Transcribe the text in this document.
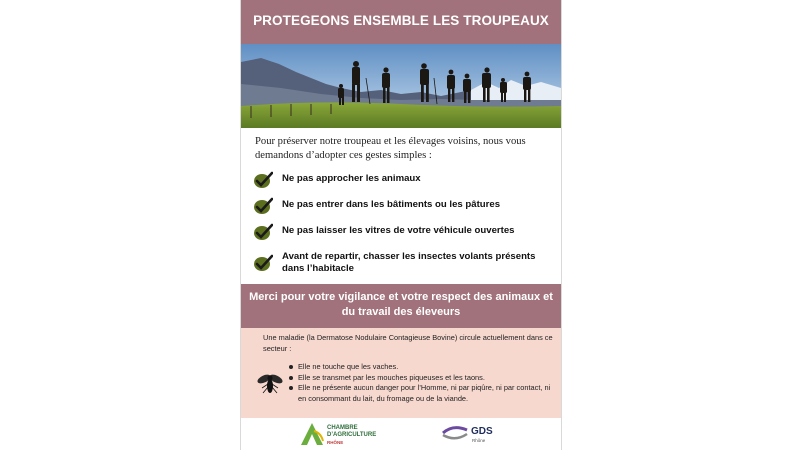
PROTEGEONS ENSEMBLE LES TROUPEAUX
Pour préserver notre troupeau et les élevages voisins, nous vous demandons d’adopter ces gestes simples :
Ne pas approcher les animaux
Ne pas entrer dans les bâtiments ou les pâtures
Ne pas laisser les vitres de votre véhicule ouvertes
Avant de repartir, chasser les insectes volants présents dans l’habitacle
Merci pour votre vigilance et votre respect des animaux et du travail des éleveurs
Une maladie (la Dermatose Nodulaire Contagieuse Bovine) circule actuellement dans ce secteur :
Elle ne touche que les vaches.
Elle se transmet par les mouches piqueuses et les taons.
Elle ne présente aucun danger pour l’Homme, ni par piqûre, ni par contact, ni en consommant du lait, du fromage ou de la viande.
CHAMBRE
D’AGRICULTURE
RHÔNE
GDS
Rhône
